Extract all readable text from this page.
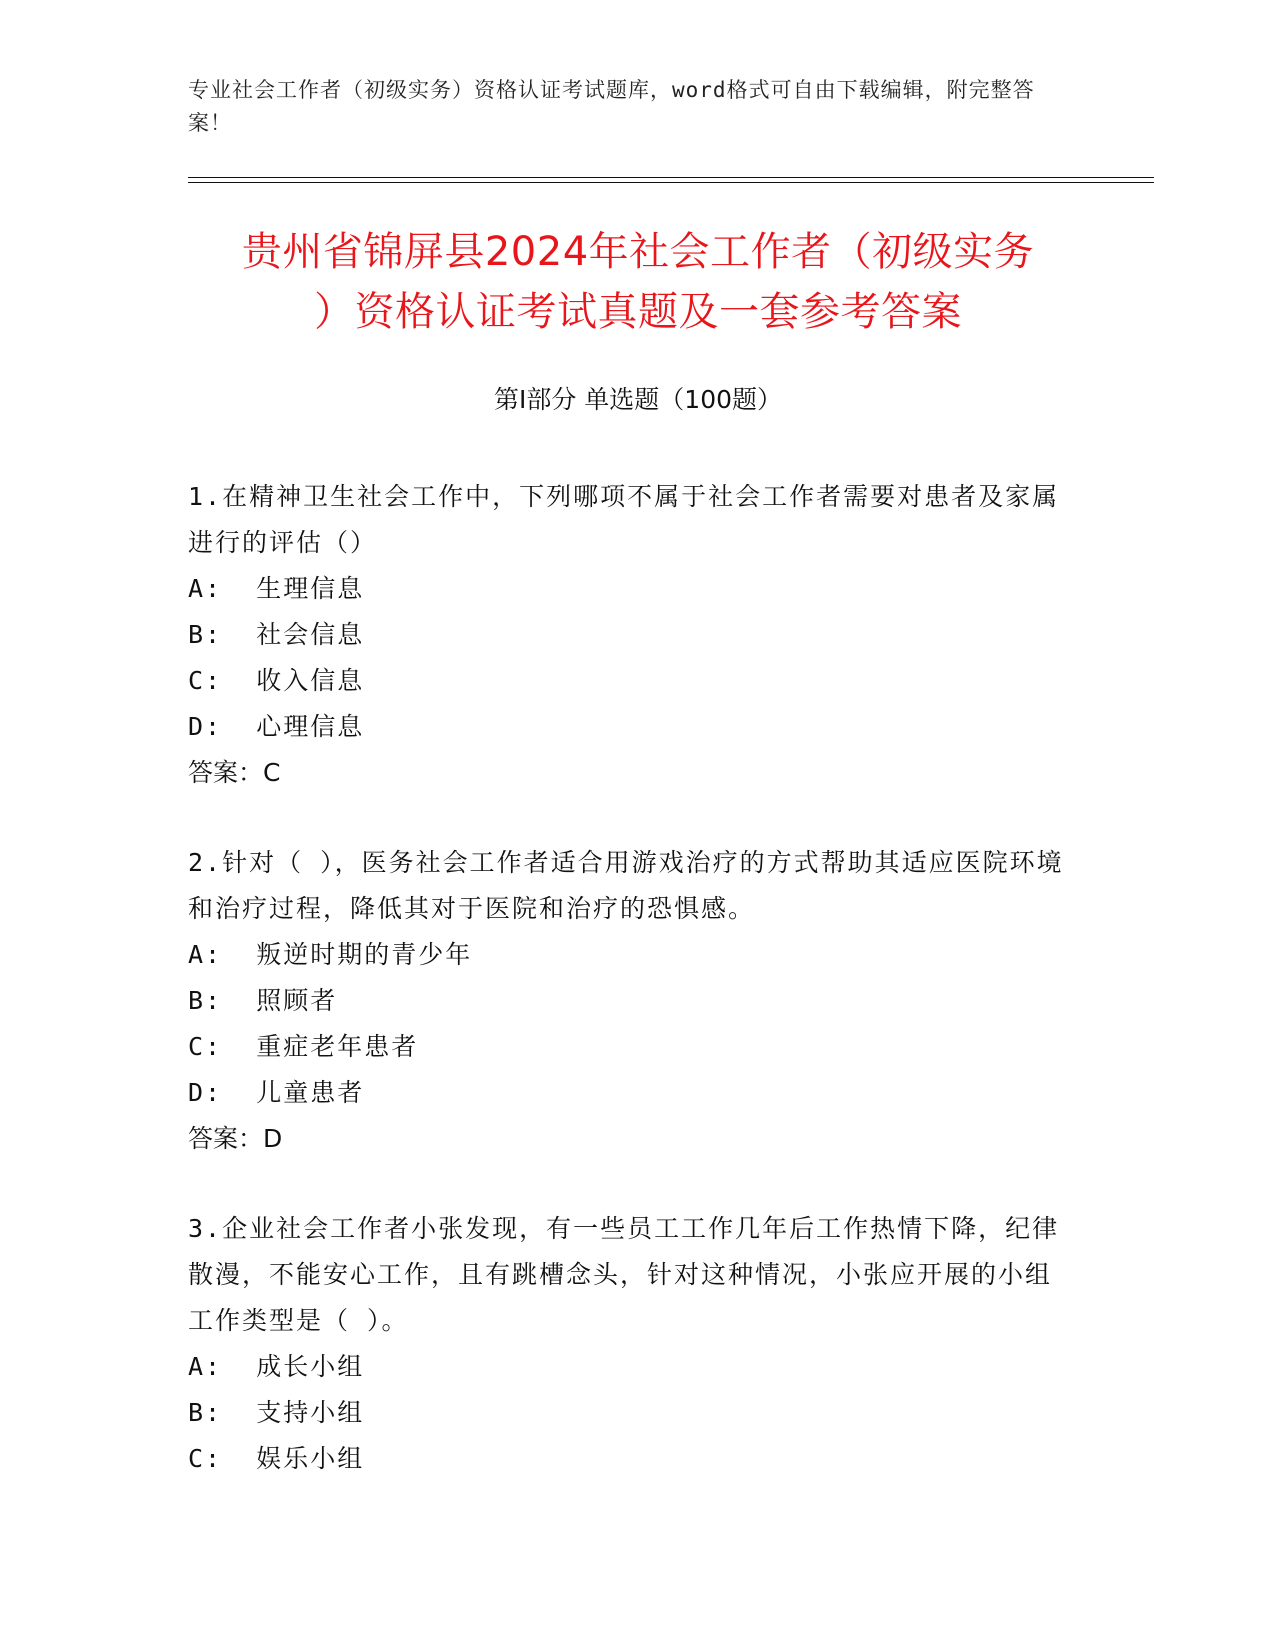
专业社会工作者（初级实务）资格认证考试题库，word格式可自由下载编辑，附完整答案！
贵州省锦屏县2024年社会工作者（初级实务
）资格认证考试真题及一套参考答案
第Ⅰ部分 单选题（100题）
1.在精神卫生社会工作中，下列哪项不属于社会工作者需要对患者及家属进行的评估（）
A:  生理信息
B:  社会信息
C:  收入信息
D:  心理信息
答案：C
2.针对（ ），医务社会工作者适合用游戏治疗的方式帮助其适应医院环境和治疗过程，降低其对于医院和治疗的恐惧感。
A:  叛逆时期的青少年
B:  照顾者
C:  重症老年患者
D:  儿童患者
答案：D
3.企业社会工作者小张发现，有一些员工工作几年后工作热情下降，纪律散漫，不能安心工作，且有跳槽念头，针对这种情况，小张应开展的小组工作类型是（ ）。
A:  成长小组
B:  支持小组
C:  娱乐小组
